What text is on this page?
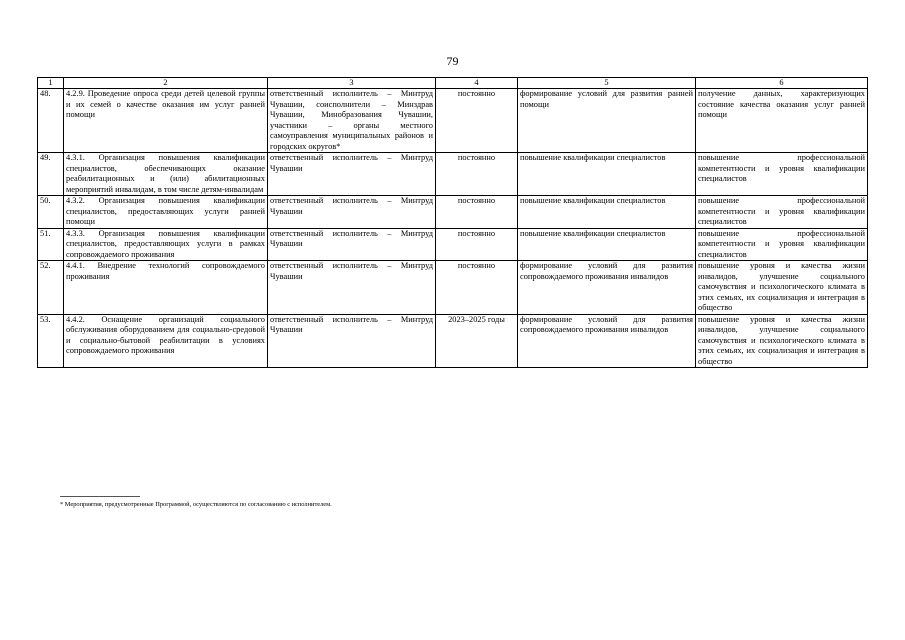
79
1	2	3	4	5	6
48.	4.2.9. Проведение опроса среди детей целевой группы и их семей о качестве оказания им услуг ранней помощи	ответственный исполнитель – Минтруд Чувашии, соисполнители – Минздрав Чувашии, Минобразования Чувашии, участники – органы местного самоуправления муниципальных районов и городских округов*	постоянно	формирование условий для развития ранней помощи	получение данных, характеризующих состояние качества оказания услуг ранней помощи
49.	4.3.1. Организация повышения квалификации специалистов, обеспечивающих оказание реабилитационных и (или) абилитационных мероприятий инвалидам, в том числе детям-инвалидам	ответственный исполнитель – Минтруд Чувашии	постоянно	повышение квалификации специалистов	повышение профессиональной компетентности и уровня квалификации специалистов
50.	4.3.2. Организация повышения квалификации специалистов, предоставляющих услуги ранней помощи	ответственный исполнитель – Минтруд Чувашии	постоянно	повышение квалификации специалистов	повышение профессиональной компетентности и уровня квалификации специалистов
51.	4.3.3. Организация повышения квалификации специалистов, предоставляющих услуги в рамках сопровождаемого проживания	ответственный исполнитель – Минтруд Чувашии	постоянно	повышение квалификации специалистов	повышение профессиональной компетентности и уровня квалификации специалистов
52.	4.4.1. Внедрение технологий сопровождаемого проживания	ответственный исполнитель – Минтруд Чувашии	постоянно	формирование условий для развития сопровождаемого проживания инвалидов	повышение уровня и качества жизни инвалидов, улучшение социального самочувствия и психологического климата в этих семьях, их социализация и интеграция в общество
53.	4.4.2. Оснащение организаций социального обслуживания оборудованием для социально-средовой и социально-бытовой реабилитации в условиях сопровождаемого проживания	ответственный исполнитель – Минтруд Чувашии	2023–2025 годы	формирование условий для развития сопровождаемого проживания инвалидов	повышение уровня и качества жизни инвалидов, улучшение социального самочувствия и психологического климата в этих семьях, их социализация и интеграция в общество
* Мероприятия, предусмотренные Программой, осуществляются по согласованию с исполнителем.
